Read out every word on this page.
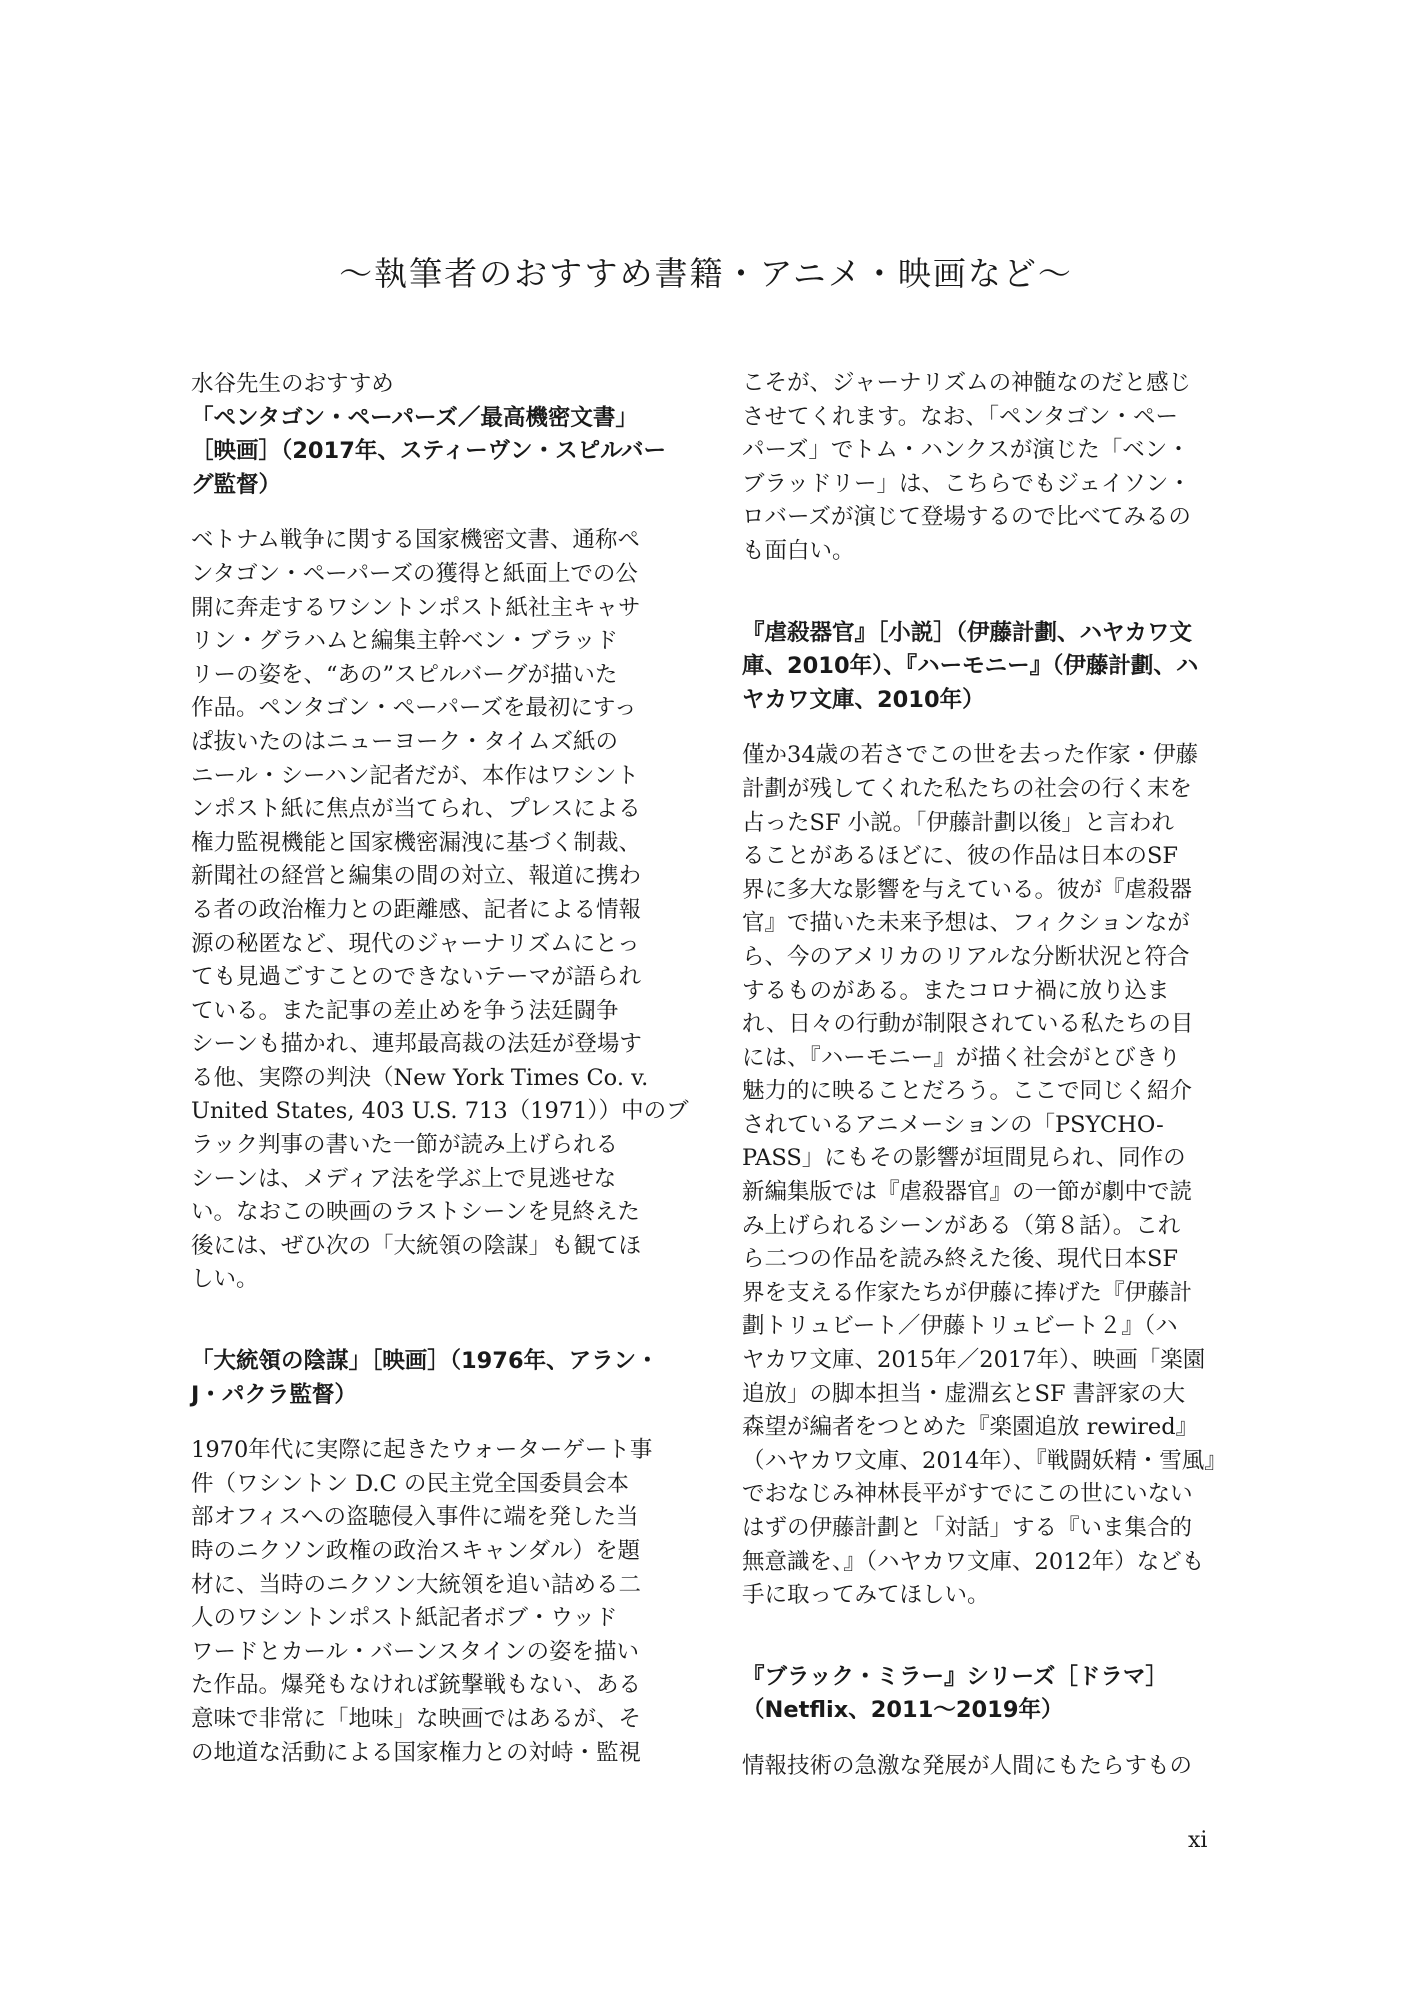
〜執筆者のおすすめ書籍・アニメ・映画など〜
水谷先生のおすすめ
「ペンタゴン・ペーパーズ／最高機密文書」
［映画］（2017年、スティーヴン・スピルバー
グ監督）
ベトナム戦争に関する国家機密文書、通称ペ
ンタゴン・ペーパーズの獲得と紙面上での公
開に奔走するワシントンポスト紙社主キャサ
リン・グラハムと編集主幹ベン・ブラッド
リーの姿を、“あの”スピルバーグが描いた
作品。ペンタゴン・ペーパーズを最初にすっ
ぱ抜いたのはニューヨーク・タイムズ紙の
ニール・シーハン記者だが、本作はワシント
ンポスト紙に焦点が当てられ、プレスによる
権力監視機能と国家機密漏洩に基づく制裁、
新聞社の経営と編集の間の対立、報道に携わ
る者の政治権力との距離感、記者による情報
源の秘匿など、現代のジャーナリズムにとっ
ても見過ごすことのできないテーマが語られ
ている。また記事の差止めを争う法廷闘争
シーンも描かれ、連邦最高裁の法廷が登場す
る他、実際の判決（New York Times Co. v.
United States, 403 U.S. 713（1971））中のブ
ラック判事の書いた一節が読み上げられる
シーンは、メディア法を学ぶ上で見逃せな
い。なおこの映画のラストシーンを見終えた
後には、ぜひ次の「大統領の陰謀」も観てほ
しい。
「大統領の陰謀」［映画］（1976年、アラン・
J・パクラ監督）
1970年代に実際に起きたウォーターゲート事
件（ワシントン D.C の民主党全国委員会本
部オフィスへの盗聴侵入事件に端を発した当
時のニクソン政権の政治スキャンダル）を題
材に、当時のニクソン大統領を追い詰める二
人のワシントンポスト紙記者ボブ・ウッド
ワードとカール・バーンスタインの姿を描い
た作品。爆発もなければ銃撃戦もない、ある
意味で非常に「地味」な映画ではあるが、そ
の地道な活動による国家権力との対峙・監視
こそが、ジャーナリズムの神髄なのだと感じ
させてくれます。なお、「ペンタゴン・ペー
パーズ」でトム・ハンクスが演じた「ベン・
ブラッドリー」は、こちらでもジェイソン・
ロバーズが演じて登場するので比べてみるの
も面白い。
『虐殺器官』［小説］（伊藤計劃、ハヤカワ文
庫、2010年）、『ハーモニー』（伊藤計劃、ハ
ヤカワ文庫、2010年）
僅か34歳の若さでこの世を去った作家・伊藤
計劃が残してくれた私たちの社会の行く末を
占ったSF 小説。「伊藤計劃以後」と言われ
ることがあるほどに、彼の作品は日本のSF
界に多大な影響を与えている。彼が『虐殺器
官』で描いた未来予想は、フィクションなが
ら、今のアメリカのリアルな分断状況と符合
するものがある。またコロナ禍に放り込ま
れ、日々の行動が制限されている私たちの目
には、『ハーモニー』が描く社会がとびきり
魅力的に映ることだろう。ここで同じく紹介
されているアニメーションの「PSYCHO-
PASS」にもその影響が垣間見られ、同作の
新編集版では『虐殺器官』の一節が劇中で読
み上げられるシーンがある（第８話）。これ
ら二つの作品を読み終えた後、現代日本SF
界を支える作家たちが伊藤に捧げた『伊藤計
劃トリュビート／伊藤トリュビート２』（ハ
ヤカワ文庫、2015年／2017年）、映画「楽園
追放」の脚本担当・虚淵玄とSF 書評家の大
森望が編者をつとめた『楽園追放 rewired』
（ハヤカワ文庫、2014年）、『戦闘妖精・雪風』
でおなじみ神林長平がすでにこの世にいない
はずの伊藤計劃と「対話」する『いま集合的
無意識を、』（ハヤカワ文庫、2012年）なども
手に取ってみてほしい。
『ブラック・ミラー』シリーズ［ドラマ］
（Netflix、2011〜2019年）
情報技術の急激な発展が人間にもたらすもの
xi
